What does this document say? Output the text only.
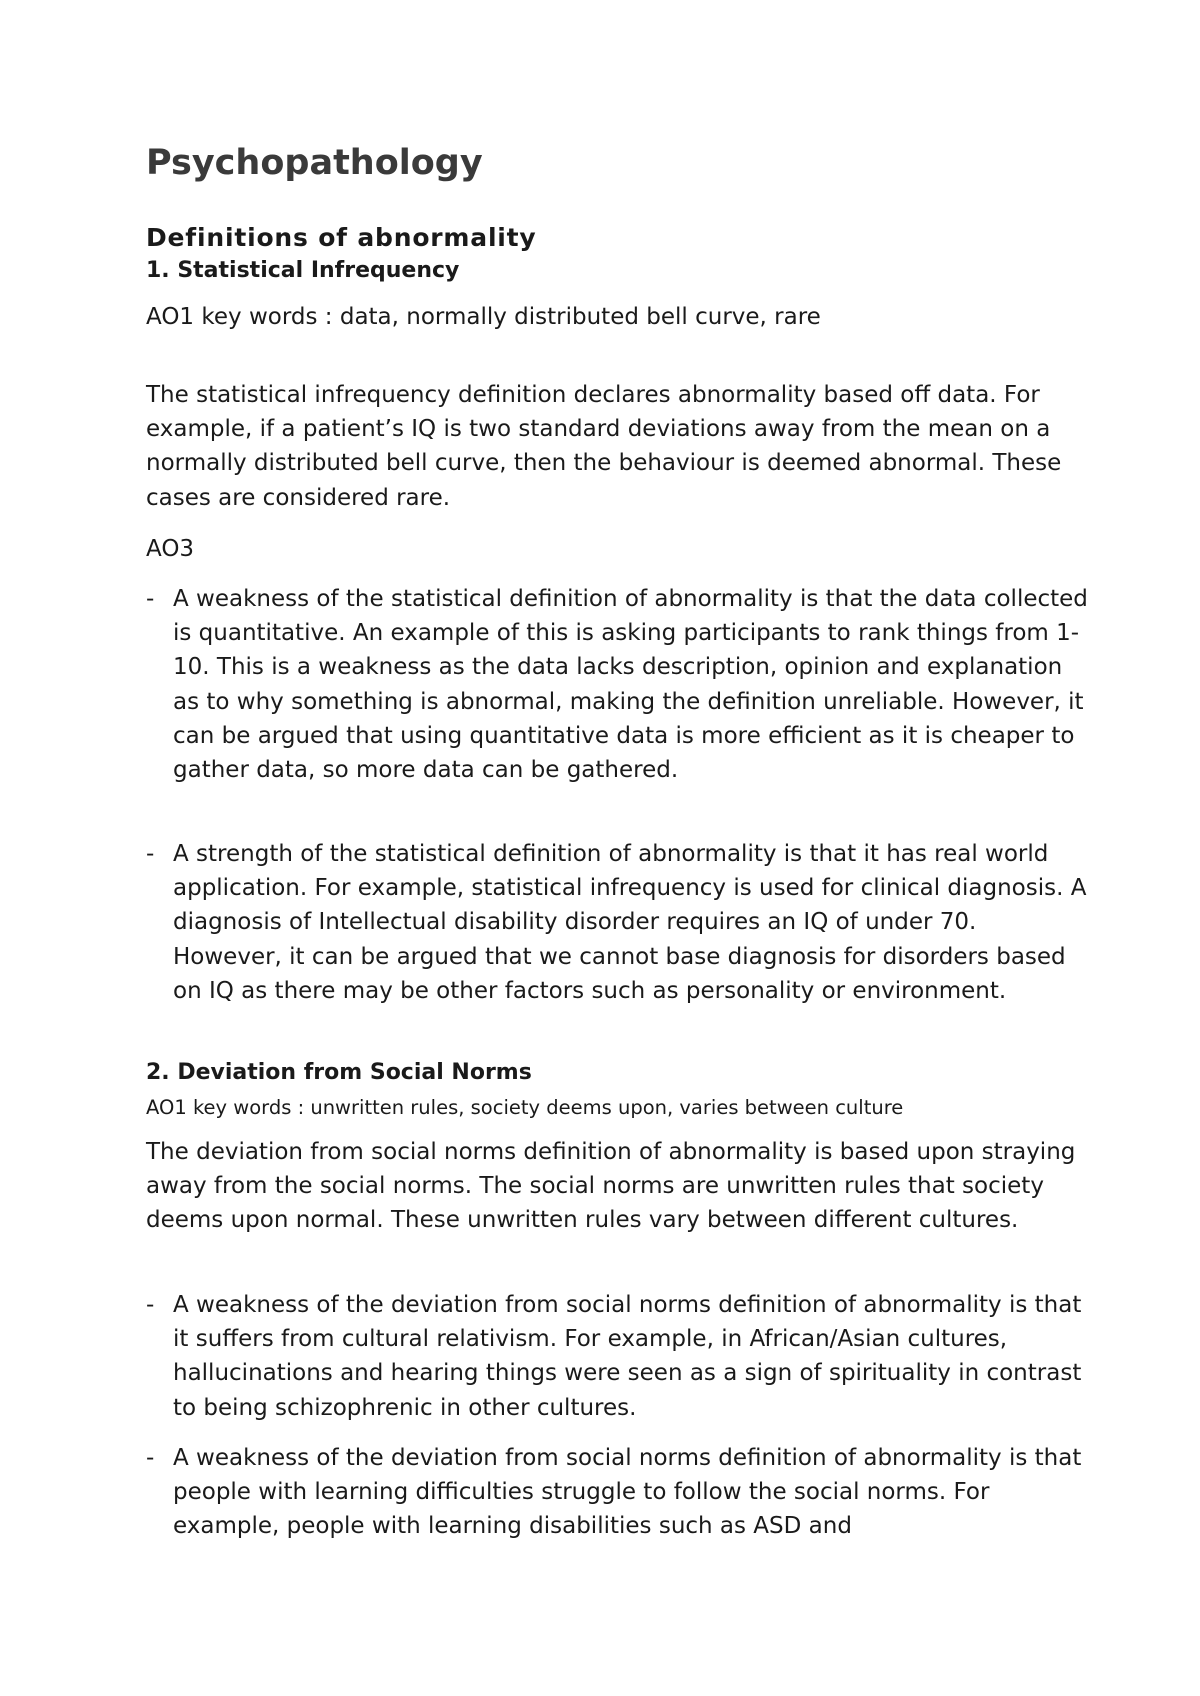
Psychopathology
Definitions of abnormality
1. Statistical Infrequency

AO1 key words : data, normally distributed bell curve, rare

The statistical infrequency definition declares abnormality based off data. For example, if a patient’s IQ is two standard deviations away from the mean on a normally distributed bell curve, then the behaviour is deemed abnormal. These cases are considered rare.

AO3

- A weakness of the statistical definition of abnormality is that the data collected is quantitative. An example of this is asking participants to rank things from 1-10. This is a weakness as the data lacks description, opinion and explanation as to why something is abnormal, making the definition unreliable. However, it can be argued that using quantitative data is more efficient as it is cheaper to gather data, so more data can be gathered.
- A strength of the statistical definition of abnormality is that it has real world application. For example, statistical infrequency is used for clinical diagnosis. A diagnosis of Intellectual disability disorder requires an IQ of under 70. However, it can be argued that we cannot base diagnosis for disorders based on IQ as there may be other factors such as personality or environment.
2. Deviation from Social Norms

AO1 key words : unwritten rules, society deems upon, varies between culture

The deviation from social norms definition of abnormality is based upon straying away from the social norms. The social norms are unwritten rules that society deems upon normal. These unwritten rules vary between different cultures.

- A weakness of the deviation from social norms definition of abnormality is that it suffers from cultural relativism. For example, in African/Asian cultures, hallucinations and hearing things were seen as a sign of spirituality in contrast to being schizophrenic in other cultures.
- A weakness of the deviation from social norms definition of abnormality is that people with learning difficulties struggle to follow the social norms. For example, people with learning disabilities such as ASD and
